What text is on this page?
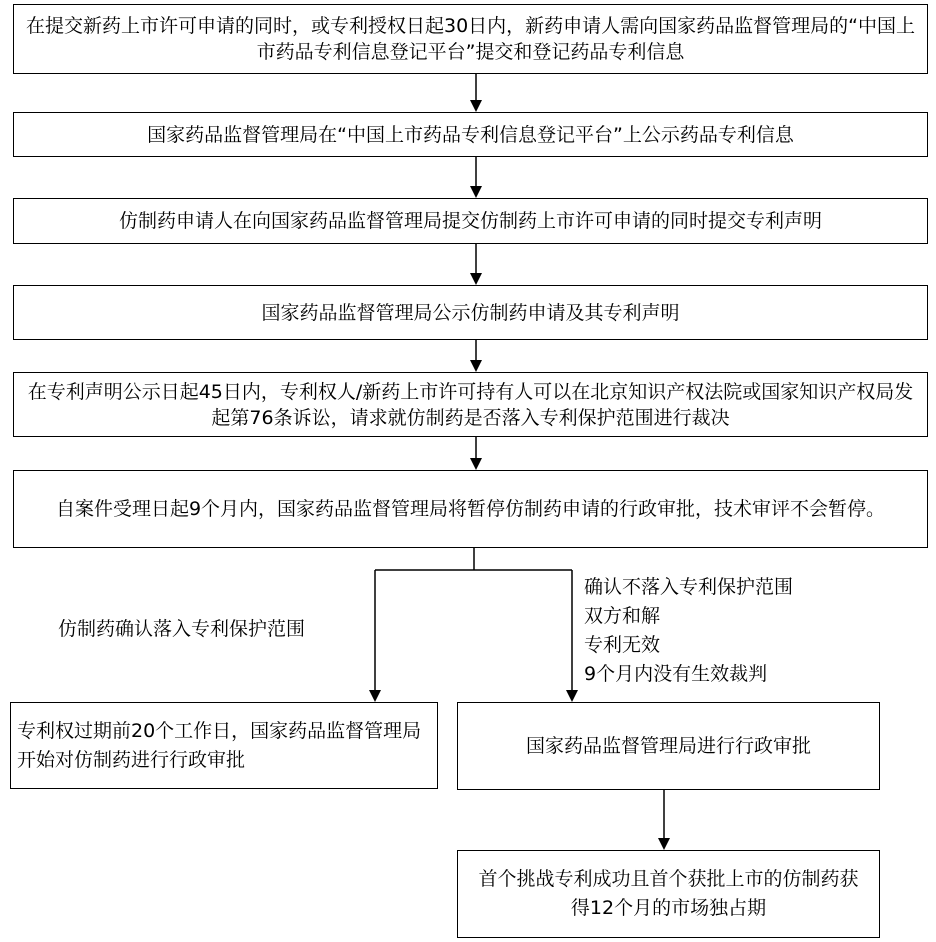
在提交新药上市许可申请的同时，或专利授权日起30日内，新药申请人需向国家药品监督管理局的“中国上市药品专利信息登记平台”提交和登记药品专利信息
国家药品监督管理局在“中国上市药品专利信息登记平台”上公示药品专利信息
仿制药申请人在向国家药品监督管理局提交仿制药上市许可申请的同时提交专利声明
国家药品监督管理局公示仿制药申请及其专利声明
在专利声明公示日起45日内，专利权人/新药上市许可持有人可以在北京知识产权法院或国家知识产权局发起第76条诉讼，请求就仿制药是否落入专利保护范围进行裁决
自案件受理日起9个月内，国家药品监督管理局将暂停仿制药申请的行政审批，技术审评不会暂停。
仿制药确认落入专利保护范围
确认不落入专利保护范围
双方和解
专利无效
9个月内没有生效裁判
专利权过期前20个工作日，国家药品监督管理局开始对仿制药进行行政审批
国家药品监督管理局进行行政审批
首个挑战专利成功且首个获批上市的仿制药获得12个月的市场独占期
